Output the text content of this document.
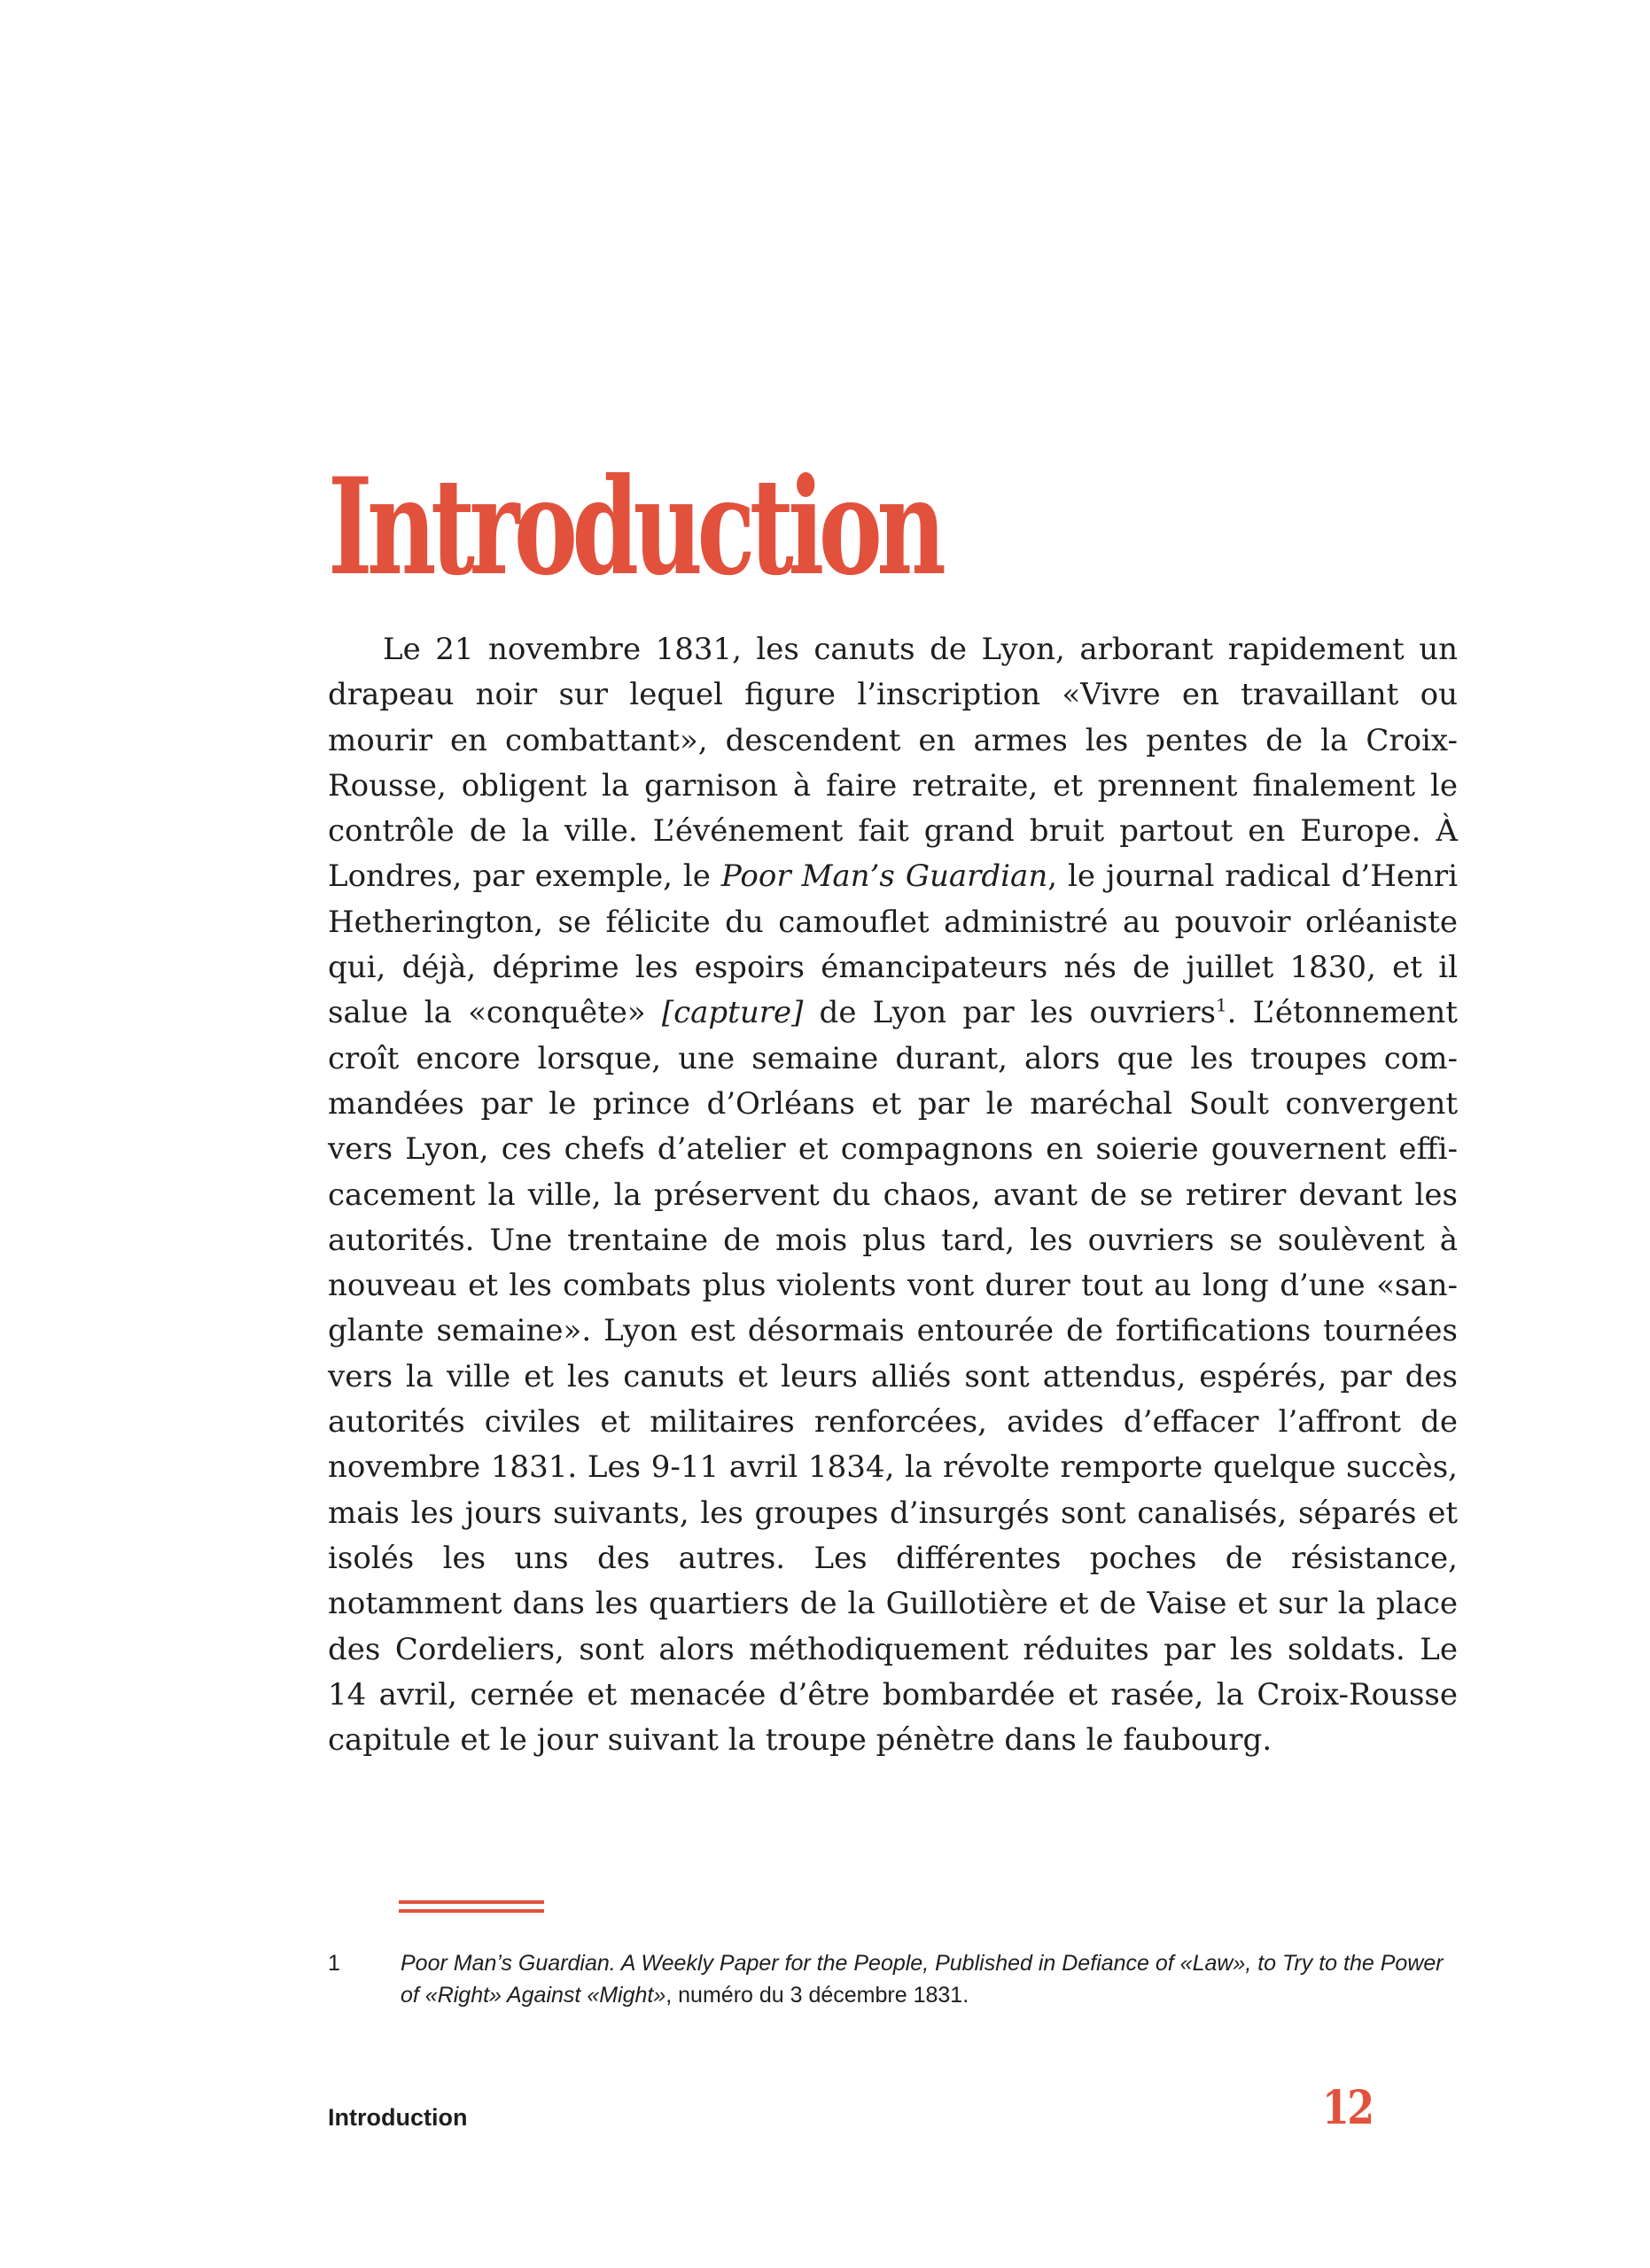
Introduction

Le 21 novembre 1831, les canuts de Lyon, arborant rapidement un drapeau noir sur lequel figure l’inscription «Vivre en travaillant ou mourir en combattant», descendent en armes les pentes de la Croix-Rousse, obligent la garnison à faire retraite, et prennent finalement le contrôle de la ville. L’événement fait grand bruit partout en Europe. À Londres, par exemple, le Poor Man’s Guardian, le journal radical d’Henri Hetherington, se félicite du camouflet administré au pouvoir orléaniste qui, déjà, déprime les espoirs émancipateurs nés de juillet 1830, et il salue la «conquête» [capture] de Lyon par les ouvriers$^1$. L’étonnement croît encore lorsque, une semaine durant, alors que les troupes commandées par le prince d’Orléans et par le maréchal Soult convergent vers Lyon, ces chefs d’atelier et compagnons en soierie gouvernent efficacement la ville, la préservent du chaos, avant de se retirer devant les autorités. Une trentaine de mois plus tard, les ouvriers se soulèvent à nouveau et les combats plus violents vont durer tout au long d’une «sanglante semaine». Lyon est désormais entourée de fortifications tournées vers la ville et les canuts et leurs alliés sont attendus, espérés, par des autorités civiles et militaires renforcées, avides d’effacer l’affront de novembre 1831. Les 9-11 avril 1834, la révolte remporte quelque succès, mais les jours suivants, les groupes d’insurgés sont canalisés, séparés et isolés les uns des autres. Les différentes poches de résistance, notamment dans les quartiers de la Guillotière et de Vaise et sur la place des Cordeliers, sont alors méthodiquement réduites par les soldats. Le 14 avril, cernée et menacée d’être bombardée et rasée, la Croix-Rousse capitule et le jour suivant la troupe pénètre dans le faubourg.

1	Poor Man’s Guardian. A Weekly Paper for the People, Published in Defiance of «Law», to Try to the Power of «Right» Against «Might», numéro du 3 décembre 1831.

Introduction	12
